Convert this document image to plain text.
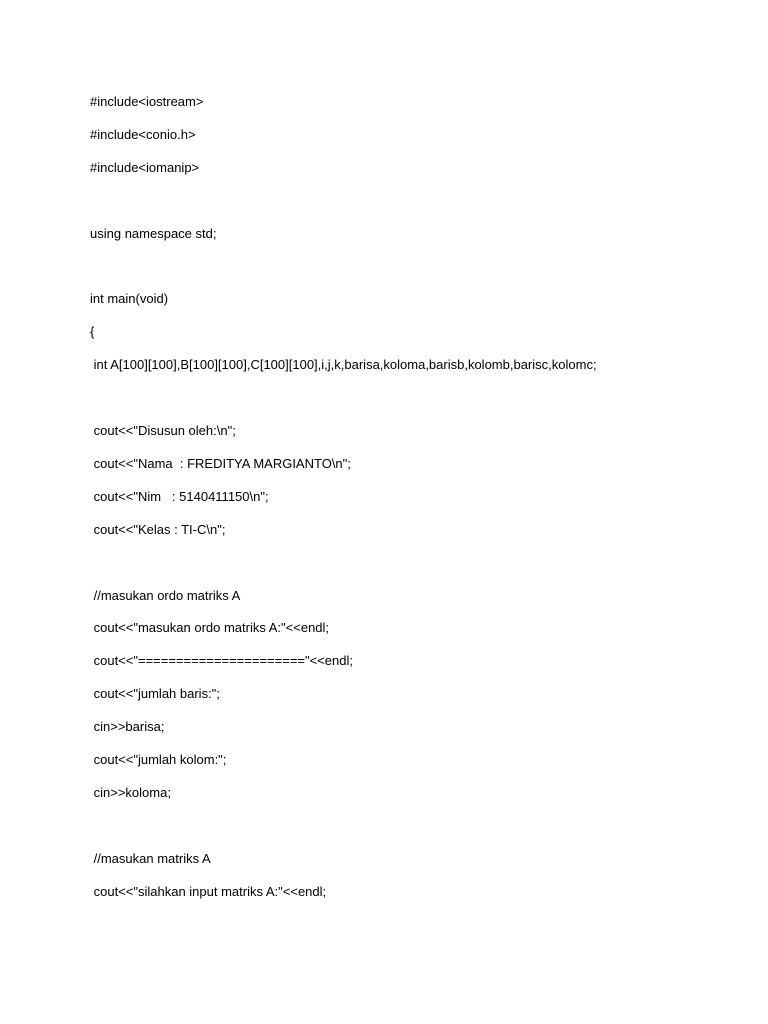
#include<iostream>

#include<conio.h>

#include<iomanip>

using namespace std;

int main(void)

{

int A[100][100],B[100][100],C[100][100],i,j,k,barisa,koloma,barisb,kolomb,barisc,kolomc;

cout<<"Disusun oleh:\n";

cout<<"Nama  : FREDITYA MARGIANTO\n";

cout<<"Nim   : 5140411150\n";

cout<<"Kelas : TI-C\n";

//masukan ordo matriks A

cout<<"masukan ordo matriks A:"<<endl;

cout<<"======================"<<endl;

cout<<"jumlah baris:";

cin>>barisa;

cout<<"jumlah kolom:";

cin>>koloma;

//masukan matriks A

cout<<"silahkan input matriks A:"<<endl;
